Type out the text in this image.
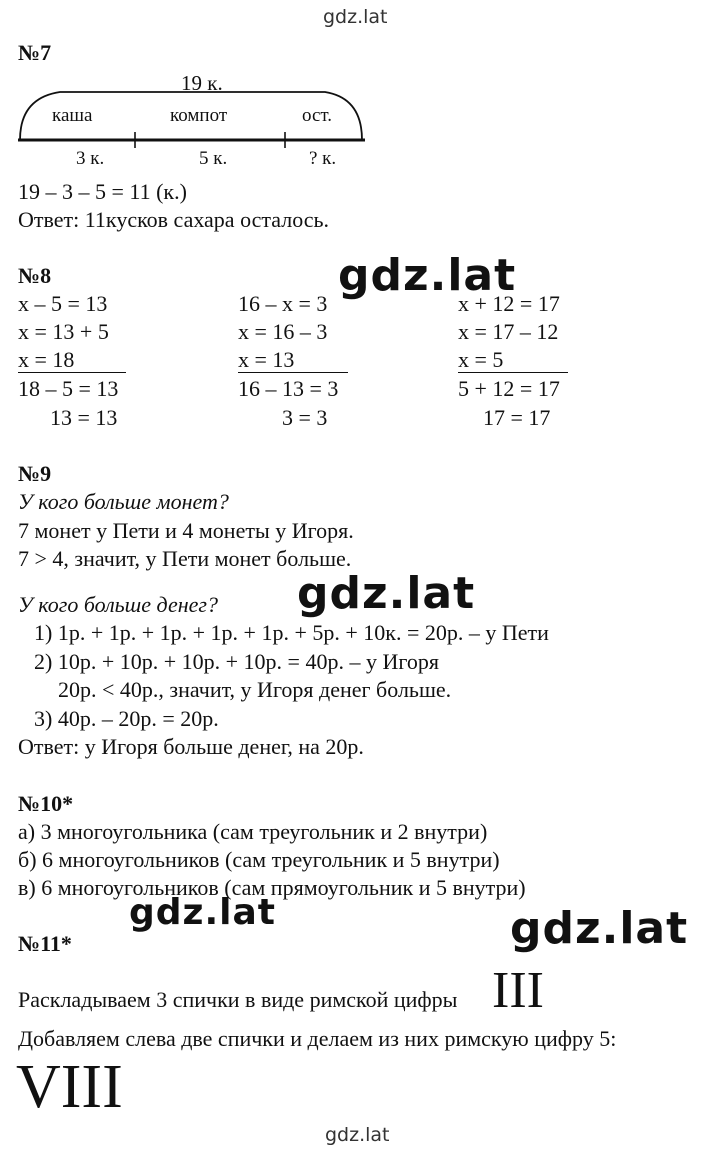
gdz.lat
gdz.lat
gdz.lat
gdz.lat	gdz.lat
gdz.lat
№7
19 к.
каша	компот	ост.
3 к.	5 к.	? к.
19 – 3 – 5 = 11 (к.)
Ответ: 11кусков сахара осталось.
№8
x – 5 = 13
x = 13 + 5
x = 18
18 – 5 = 13
13 = 13
16 – x = 3
x = 16 – 3
x = 13
16 – 13 = 3
3 = 3
x + 12 = 17
x = 17 – 12
x = 5
5 + 12 = 17
17 = 17
№9
У кого больше монет?
7 монет у Пети и 4 монеты у Игоря.
7 > 4, значит, у Пети монет больше.
У кого больше денег?
1) 1р. + 1р. + 1р. + 1р. + 1р. + 5р. + 10к. = 20р. – у Пети
2) 10р. + 10р. + 10р. + 10р. = 40р. – у Игоря
20р. < 40р., значит, у Игоря денег больше.
3) 40р. – 20р. = 20р.
Ответ: у Игоря больше денег, на 20р.
№10*
а) 3 многоугольника (сам треугольник и 2 внутри)
б) 6 многоугольников (сам треугольник и 5 внутри)
в) 6 многоугольников (сам прямоугольник и 5 внутри)
№11*
Раскладываем 3 спички в виде римской цифры III
Добавляем слева две спички и делаем из них римскую цифру 5:
VIII
